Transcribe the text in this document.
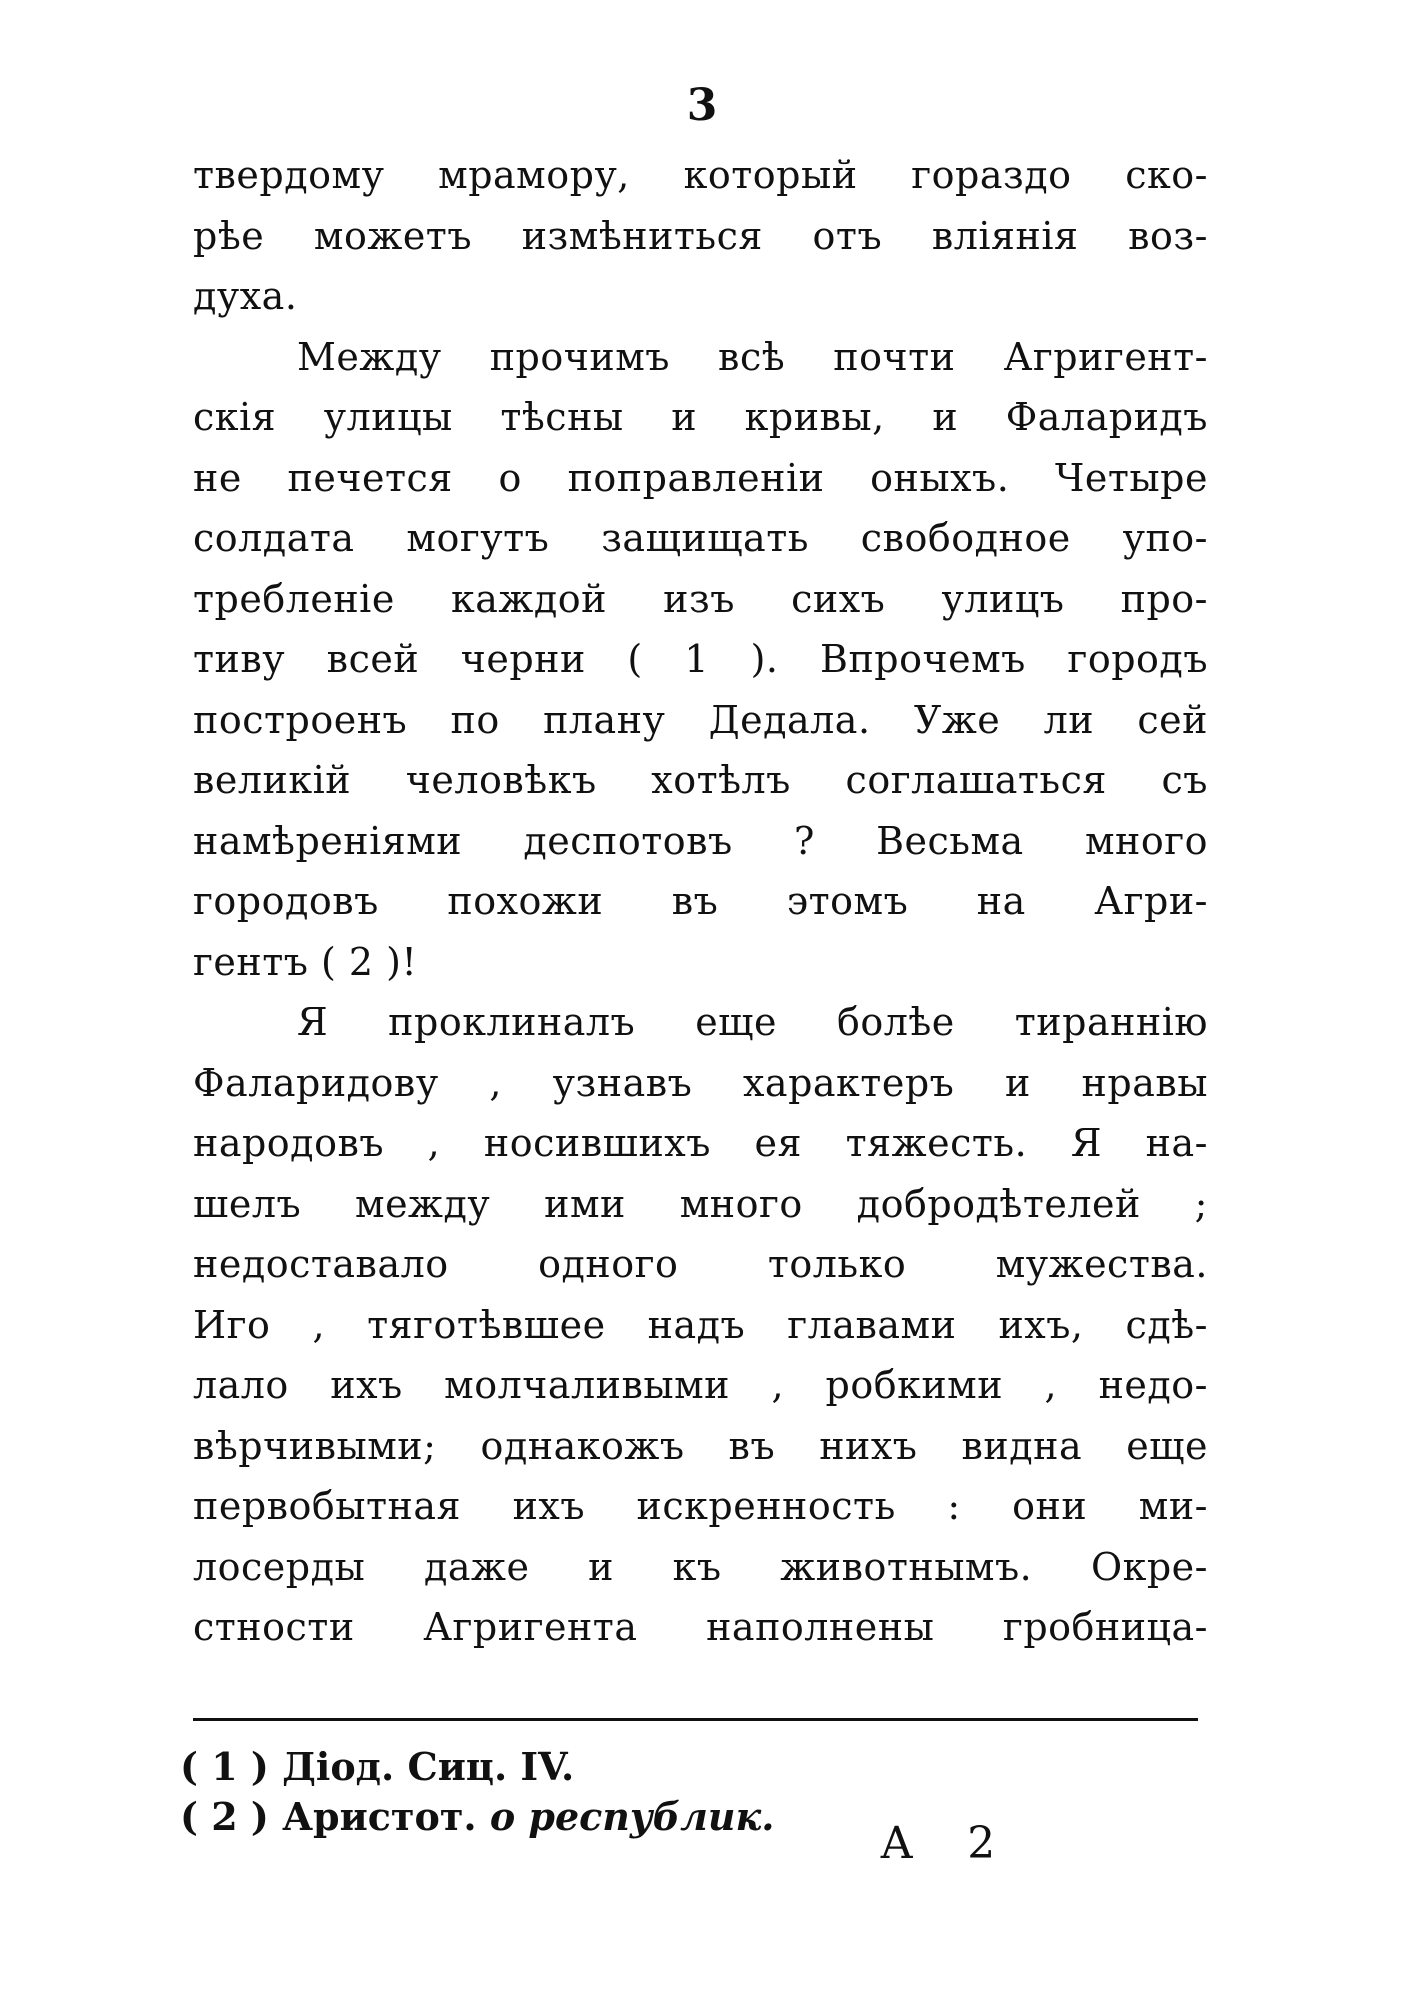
3
твердому мрамору, который гораздо ско-
рѣе можетъ измѣниться отъ вліянія воз-
духа.
Между прочимъ всѣ почти Агригент-
скія улицы тѣсны и кривы, и Фаларидъ
не печется о поправленіи оныхъ. Четыре
солдата могутъ защищать свободное упо-
требленіе каждой изъ сихъ улицъ про-
тиву всей черни ( 1 ). Впрочемъ городъ
построенъ по плану Дедала. Уже ли сей
великій человѣкъ хотѣлъ соглашаться съ
намѣреніями деспотовъ ? Весьма много
городовъ похожи въ этомъ на Агри-
гентъ ( 2 )!
Я проклиналъ еще болѣе тираннію
Фаларидову , узнавъ характеръ и нравы
народовъ , носившихъ ея тяжесть. Я на-
шелъ между ими много добродѣтелей ;
недоставало одного только мужества.
Иго , тяготѣвшее надъ главами ихъ, сдѣ-
лало ихъ молчаливыми , робкими , недо-
вѣрчивыми; однакожъ въ нихъ видна еще
первобытная ихъ искренность : они ми-
лосерды даже и къ животнымъ. Окре-
стности Агригента наполнены гробница-
( 1 ) Діод. Сиц. IV.
( 2 ) Аристот. о республик.
А 2
